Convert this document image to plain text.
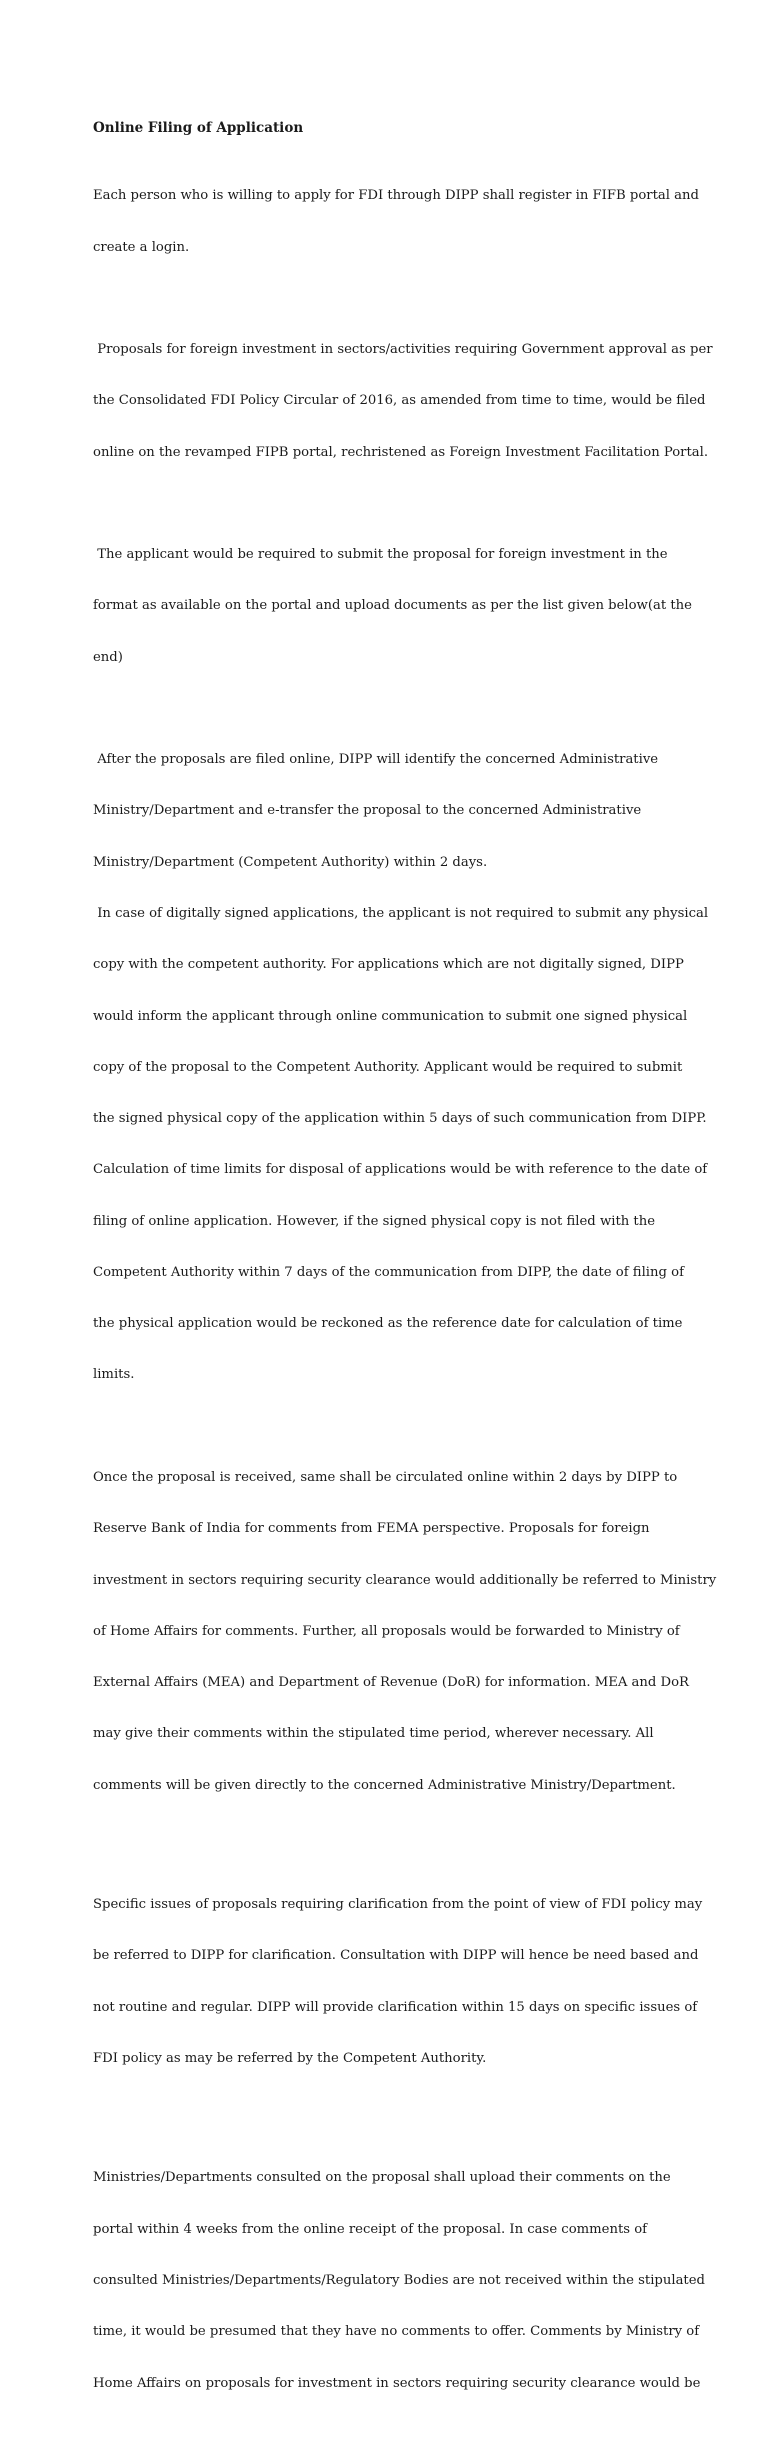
Online Filing of Application

Each person who is willing to apply for FDI through DIPP shall register in FIFB portal and

create a login.

Proposals for foreign investment in sectors/activities requiring Government approval as per

the Consolidated FDI Policy Circular of 2016, as amended from time to time, would be filed

online on the revamped FIPB portal, rechristened as Foreign Investment Facilitation Portal.

The applicant would be required to submit the proposal for foreign investment in the

format as available on the portal and upload documents as per the list given below(at the

end)

After the proposals are filed online, DIPP will identify the concerned Administrative

Ministry/Department and e-transfer the proposal to the concerned Administrative

Ministry/Department (Competent Authority) within 2 days.

In case of digitally signed applications, the applicant is not required to submit any physical

copy with the competent authority. For applications which are not digitally signed, DIPP

would inform the applicant through online communication to submit one signed physical

copy of the proposal to the Competent Authority. Applicant would be required to submit

the signed physical copy of the application within 5 days of such communication from DIPP.

Calculation of time limits for disposal of applications would be with reference to the date of

filing of online application. However, if the signed physical copy is not filed with the

Competent Authority within 7 days of the communication from DIPP, the date of filing of

the physical application would be reckoned as the reference date for calculation of time

limits.

Once the proposal is received, same shall be circulated online within 2 days by DIPP to

Reserve Bank of India for comments from FEMA perspective. Proposals for foreign

investment in sectors requiring security clearance would additionally be referred to Ministry

of Home Affairs for comments. Further, all proposals would be forwarded to Ministry of

External Affairs (MEA) and Department of Revenue (DoR) for information. MEA and DoR

may give their comments within the stipulated time period, wherever necessary. All

comments will be given directly to the concerned Administrative Ministry/Department.

Specific issues of proposals requiring clarification from the point of view of FDI policy may

be referred to DIPP for clarification. Consultation with DIPP will hence be need based and

not routine and regular. DIPP will provide clarification within 15 days on specific issues of

FDI policy as may be referred by the Competent Authority.

Ministries/Departments consulted on the proposal shall upload their comments on the

portal within 4 weeks from the online receipt of the proposal. In case comments of

consulted Ministries/Departments/Regulatory Bodies are not received within the stipulated

time, it would be presumed that they have no comments to offer. Comments by Ministry of

Home Affairs on proposals for investment in sectors requiring security clearance would be
